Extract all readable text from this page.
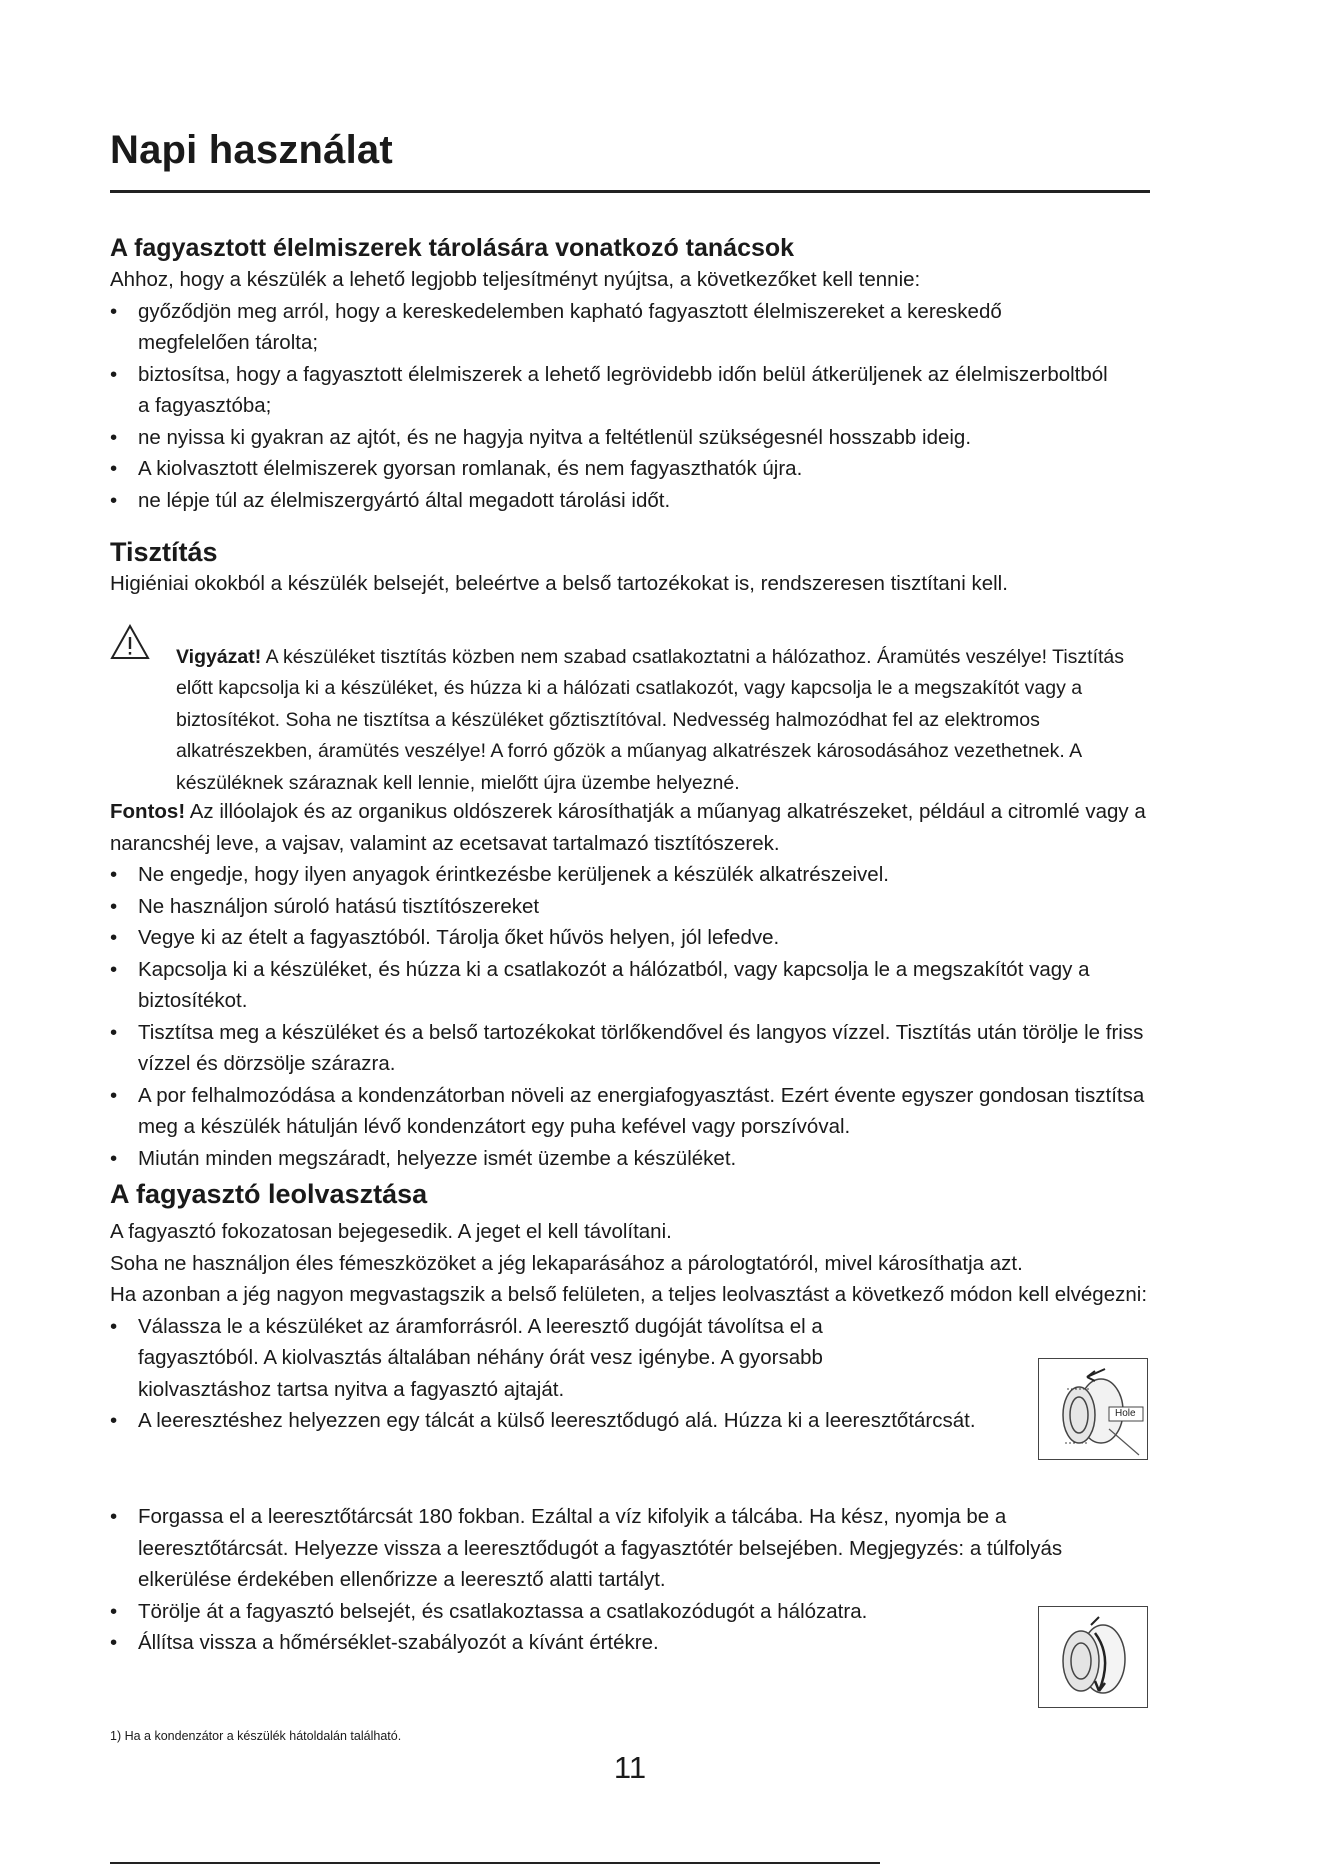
Napi használat
A fagyasztott élelmiszerek tárolására vonatkozó tanácsok

Ahhoz, hogy a készülék a lehető legjobb teljesítményt nyújtsa, a következőket kell tennie:

• győződjön meg arról, hogy a kereskedelemben kapható fagyasztott élelmiszereket a kereskedő megfelelően tárolta;
• biztosítsa, hogy a fagyasztott élelmiszerek a lehető legrövidebb időn belül átkerüljenek az élelmiszerboltból a fagyasztóba;
• ne nyissa ki gyakran az ajtót, és ne hagyja nyitva a feltétlenül szükségesnél hosszabb ideig.
• A kiolvasztott élelmiszerek gyorsan romlanak, és nem fagyaszthatók újra.
• ne lépje túl az élelmiszergyártó által megadott tárolási időt.
Tisztítás

Higiéniai okokból a készülék belsejét, beleértve a belső tartozékokat is, rendszeresen tisztítani kell.

Vigyázat! A készüléket tisztítás közben nem szabad csatlakoztatni a hálózathoz. Áramütés veszélye! Tisztítás előtt kapcsolja ki a készüléket, és húzza ki a hálózati csatlakozót, vagy kapcsolja le a megszakítót vagy a biztosítékot. Soha ne tisztítsa a készüléket gőztisztítóval. Nedvesség halmozódhat fel az elektromos alkatrészekben, áramütés veszélye! A forró gőzök a műanyag alkatrészek károsodásához vezethetnek. A készüléknek száraznak kell lennie, mielőtt újra üzembe helyezné.

Fontos! Az illóolajok és az organikus oldószerek károsíthatják a műanyag alkatrészeket, például a citromlé vagy a narancshéj leve, a vajsav, valamint az ecetsavat tartalmazó tisztítószerek.

• Ne engedje, hogy ilyen anyagok érintkezésbe kerüljenek a készülék alkatrészeivel.
• Ne használjon súroló hatású tisztítószereket
• Vegye ki az ételt a fagyasztóból. Tárolja őket hűvös helyen, jól lefedve.
• Kapcsolja ki a készüléket, és húzza ki a csatlakozót a hálózatból, vagy kapcsolja le a megszakítót vagy a biztosítékot.
• Tisztítsa meg a készüléket és a belső tartozékokat törlőkendővel és langyos vízzel. Tisztítás után törölje le friss vízzel és dörzsölje szárazra.
• A por felhalmozódása a kondenzátorban növeli az energiafogyasztást. Ezért évente egyszer gondosan tisztítsa meg a készülék hátulján lévő kondenzátort egy puha kefével vagy porszívóval.
• Miután minden megszáradt, helyezze ismét üzembe a készüléket.
A fagyasztó leolvasztása

A fagyasztó fokozatosan bejegesedik. A jeget el kell távolítani.

Soha ne használjon éles fémeszközöket a jég lekaparásához a párologtatóról, mivel károsíthatja azt.

Ha azonban a jég nagyon megvastagszik a belső felületen, a teljes leolvasztást a következő módon kell elvégezni:

• Válassza le a készüléket az áramforrásról. A leeresztő dugóját távolítsa el a fagyasztóból. A kiolvasztás általában néhány órát vesz igénybe. A gyorsabb kiolvasztáshoz tartsa nyitva a fagyasztó ajtaját.
• A leeresztéshez helyezzen egy tálcát a külső leeresztődugó alá. Húzza ki a leeresztőtárcsát.
• Forgassa el a leeresztőtárcsát 180 fokban. Ezáltal a víz kifolyik a tálcába. Ha kész, nyomja be a leeresztőtárcsát. Helyezze vissza a leeresztődugót a fagyasztótér belsejében. Megjegyzés: a túlfolyás elkerülése érdekében ellenőrizze a leeresztő alatti tartályt.
• Törölje át a fagyasztó belsejét, és csatlakoztassa a csatlakozódugót a hálózatra.
• Állítsa vissza a hőmérséklet-szabályozót a kívánt értékre.
Hole

1) Ha a kondenzátor a készülék hátoldalán található.

11
